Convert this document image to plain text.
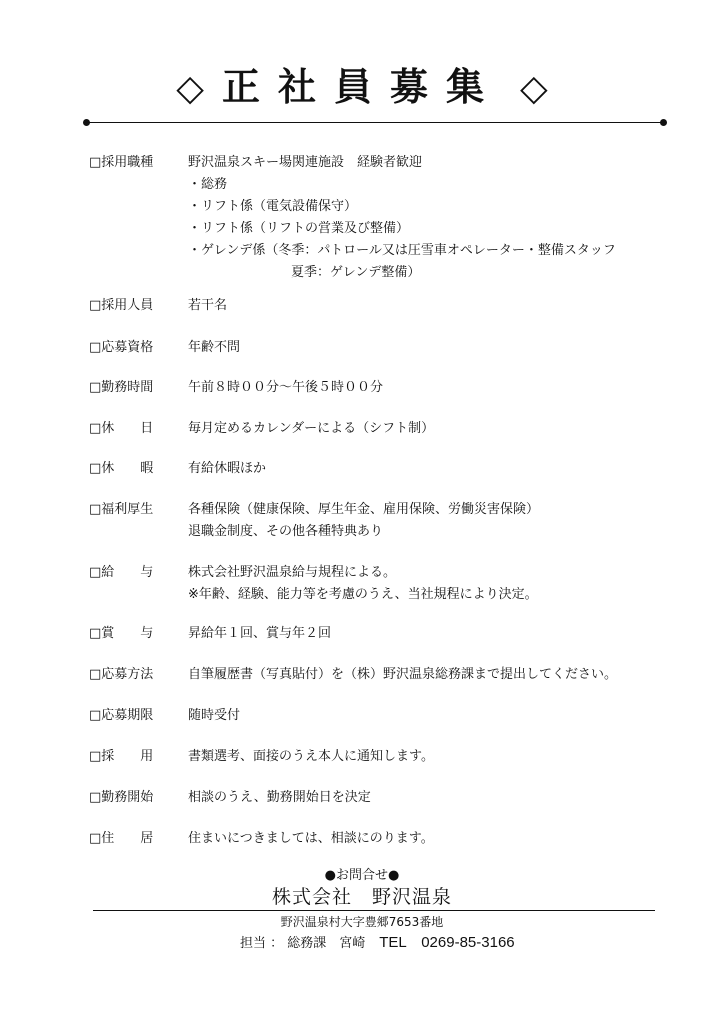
◇ 正社員募集 ◇
□採用職種	野沢温泉スキー場関連施設　経験者歓迎
・総務
・リフト係（電気設備保守）
・リフト係（リフトの営業及び整備）
・ゲレンデ係（冬季：パトロール又は圧雪車オペレーター・整備スタッフ
夏季：ゲレンデ整備）
□採用人員	若干名
□応募資格	年齢不問
□勤務時間	午前８時００分～午後５時００分
□休　　日	毎月定めるカレンダーによる（シフト制）
□休　　暇	有給休暇ほか
□福利厚生	各種保険（健康保険、厚生年金、雇用保険、労働災害保険）
退職金制度、その他各種特典あり
□給　　与	株式会社野沢温泉給与規程による。
※年齢、経験、能力等を考慮のうえ、当社規程により決定。
□賞　　与	昇給年１回、賞与年２回
□応募方法	自筆履歴書（写真貼付）を（株）野沢温泉総務課まで提出してください。
□応募期限	随時受付
□採　　用	書類選考、面接のうえ本人に通知します。
□勤務開始	相談のうえ、勤務開始日を決定
□住　　居	住まいにつきましては、相談にのります。
●お問合せ●
株式会社　野沢温泉
野沢温泉村大字豊郷7653番地
担当 ： 総務課　宮崎 TEL　0269-85-3166
